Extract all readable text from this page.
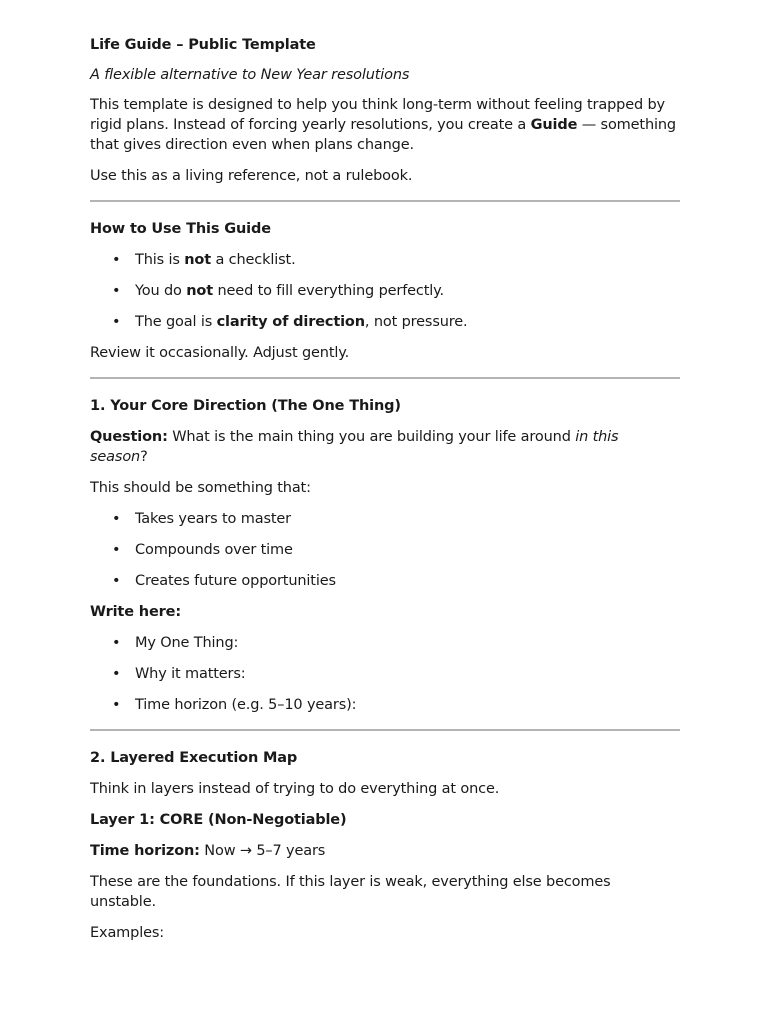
Life Guide – Public Template

A flexible alternative to New Year resolutions

This template is designed to help you think long-term without feeling trapped by rigid plans. Instead of forcing yearly resolutions, you create a Guide — something that gives direction even when plans change.

Use this as a living reference, not a rulebook.

How to Use This Guide

• This is not a checklist.
• You do not need to fill everything perfectly.
• The goal is clarity of direction, not pressure.

Review it occasionally. Adjust gently.

1. Your Core Direction (The One Thing)

Question: What is the main thing you are building your life around in this season?

This should be something that:

• Takes years to master
• Compounds over time
• Creates future opportunities

Write here:

• My One Thing:
• Why it matters:
• Time horizon (e.g. 5–10 years):

2. Layered Execution Map

Think in layers instead of trying to do everything at once.

Layer 1: CORE (Non-Negotiable)

Time horizon: Now → 5–7 years

These are the foundations. If this layer is weak, everything else becomes unstable.

Examples:
